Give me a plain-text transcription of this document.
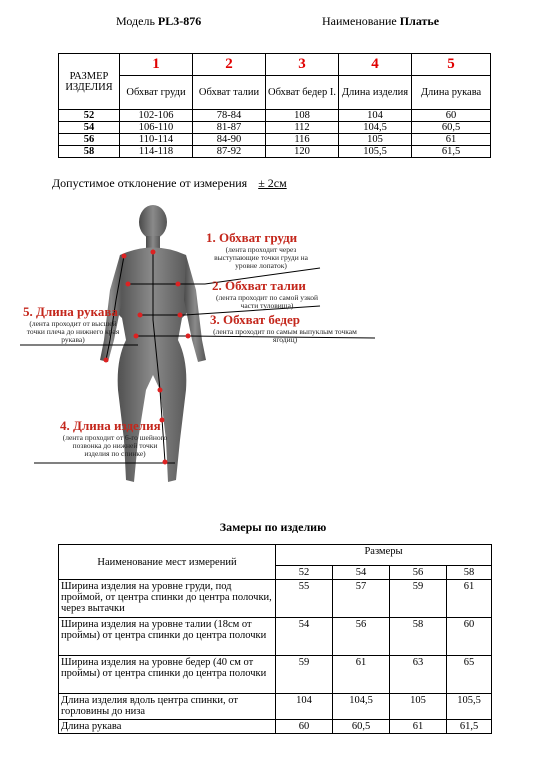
Модель PL3-876	Наименование Платье
РАЗМЕР ИЗДЕЛИЯ	1	2	3	4	5
	Обхват груди	Обхват талии	Обхват бедер I.	Длина изделия	Длина рукава
52	102-106	78-84	108	104	60
54	106-110	81-87	112	104,5	60,5
56	110-114	84-90	116	105	61
58	114-118	87-92	120	105,5	61,5
Допустимое отклонение от измерения ± 2см
1. Обхват груди
(лента проходит через выступающие точки груди на уровне лопаток)
2. Обхват талии
(лента проходит по самой узкой части туловища)
3. Обхват бедер
(лента проходит по самым выпуклым точкам ягодиц)
5. Длина рукава
(лента проходит от высшей точки плеча до нижнего края рукава)
4. Длина изделия
(лента проходит от 6-го шейного позвонка до нижней точки изделия по спинке)
Замеры по изделию
Наименование мест измерений	Размеры			
	52	54	56	58
Ширина изделия на уровне груди, под проймой, от центра спинки до центра полочки, через вытачки	55	57	59	61
Ширина изделия на уровне талии (18см от проймы) от центра спинки до центра полочки	54	56	58	60
Ширина изделия на уровне бедер (40 см от проймы) от центра спинки до центра полочки	59	61	63	65
Длина изделия вдоль центра спинки, от горловины до низа	104	104,5	105	105,5
Длина рукава	60	60,5	61	61,5
